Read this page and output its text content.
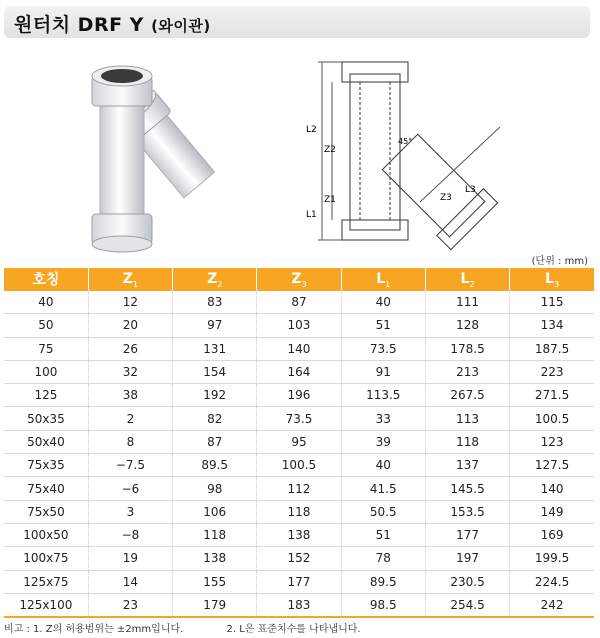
원터치 DRF Y (와이관)
L2
Z2
L1
Z1	Z3
L3
45°
(단위 : mm)
호칭	$Z_1$	$Z_2$	$Z_3$	$L_1$	$L_2$	$L_3$
40	12	83	87	40	111	115
50	20	97	103	51	128	134
75	26	131	140	73.5	178.5	187.5
100	32	154	164	91	213	223
125	38	192	196	113.5	267.5	271.5
50x35	2	82	73.5	33	113	100.5
50x40	8	87	95	39	118	123
75x35	−7.5	89.5	100.5	40	137	127.5
75x40	−6	98	112	41.5	145.5	140
75x50	3	106	118	50.5	153.5	149
100x50	−8	118	138	51	177	169
100x75	19	138	152	78	197	199.5
125x75	14	155	177	89.5	230.5	224.5
125x100	23	179	183	98.5	254.5	242
비고 : 1. Z의 허용범위는 ±2mm입니다.	2. L은 표준치수를 나타냅니다.
